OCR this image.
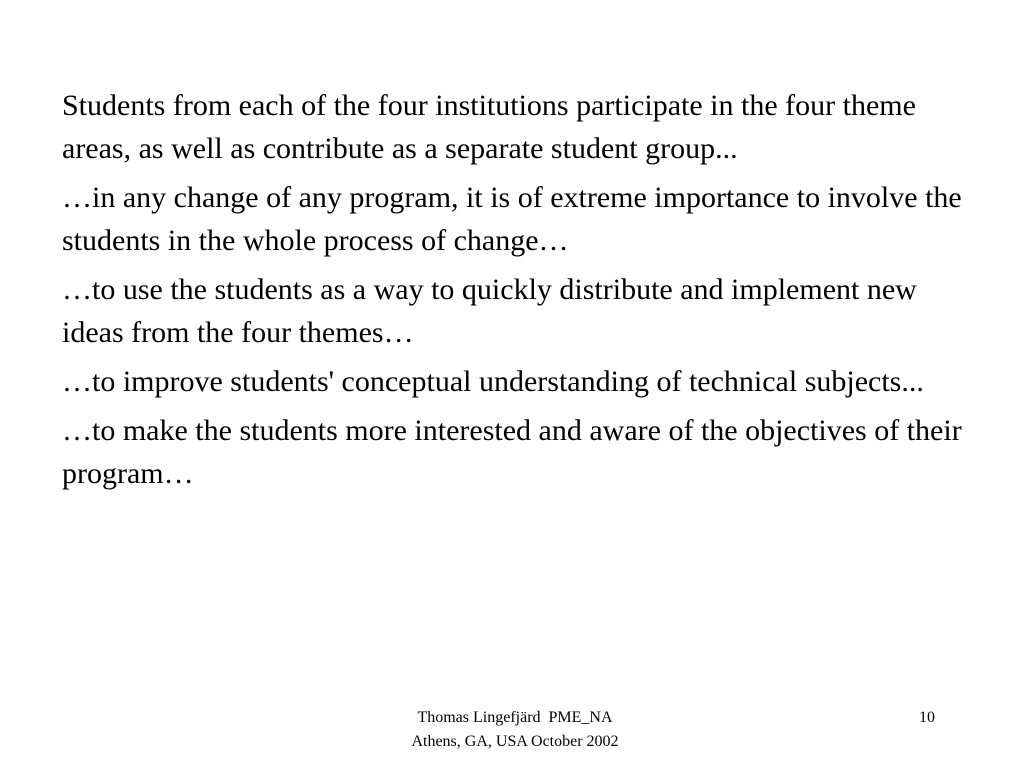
Students from each of the four institutions participate in the four theme areas, as well as contribute as a separate student group...

…in any change of any program, it is of extreme importance to involve the students in the whole process of change…

…to use the students as a way to quickly distribute and implement new ideas from the four themes…

…to improve students' conceptual understanding of technical subjects...

…to make the students more interested and aware of the objectives of their program…

Thomas Lingefjärd  PME_NA
Athens, GA, USA October 2002
10
